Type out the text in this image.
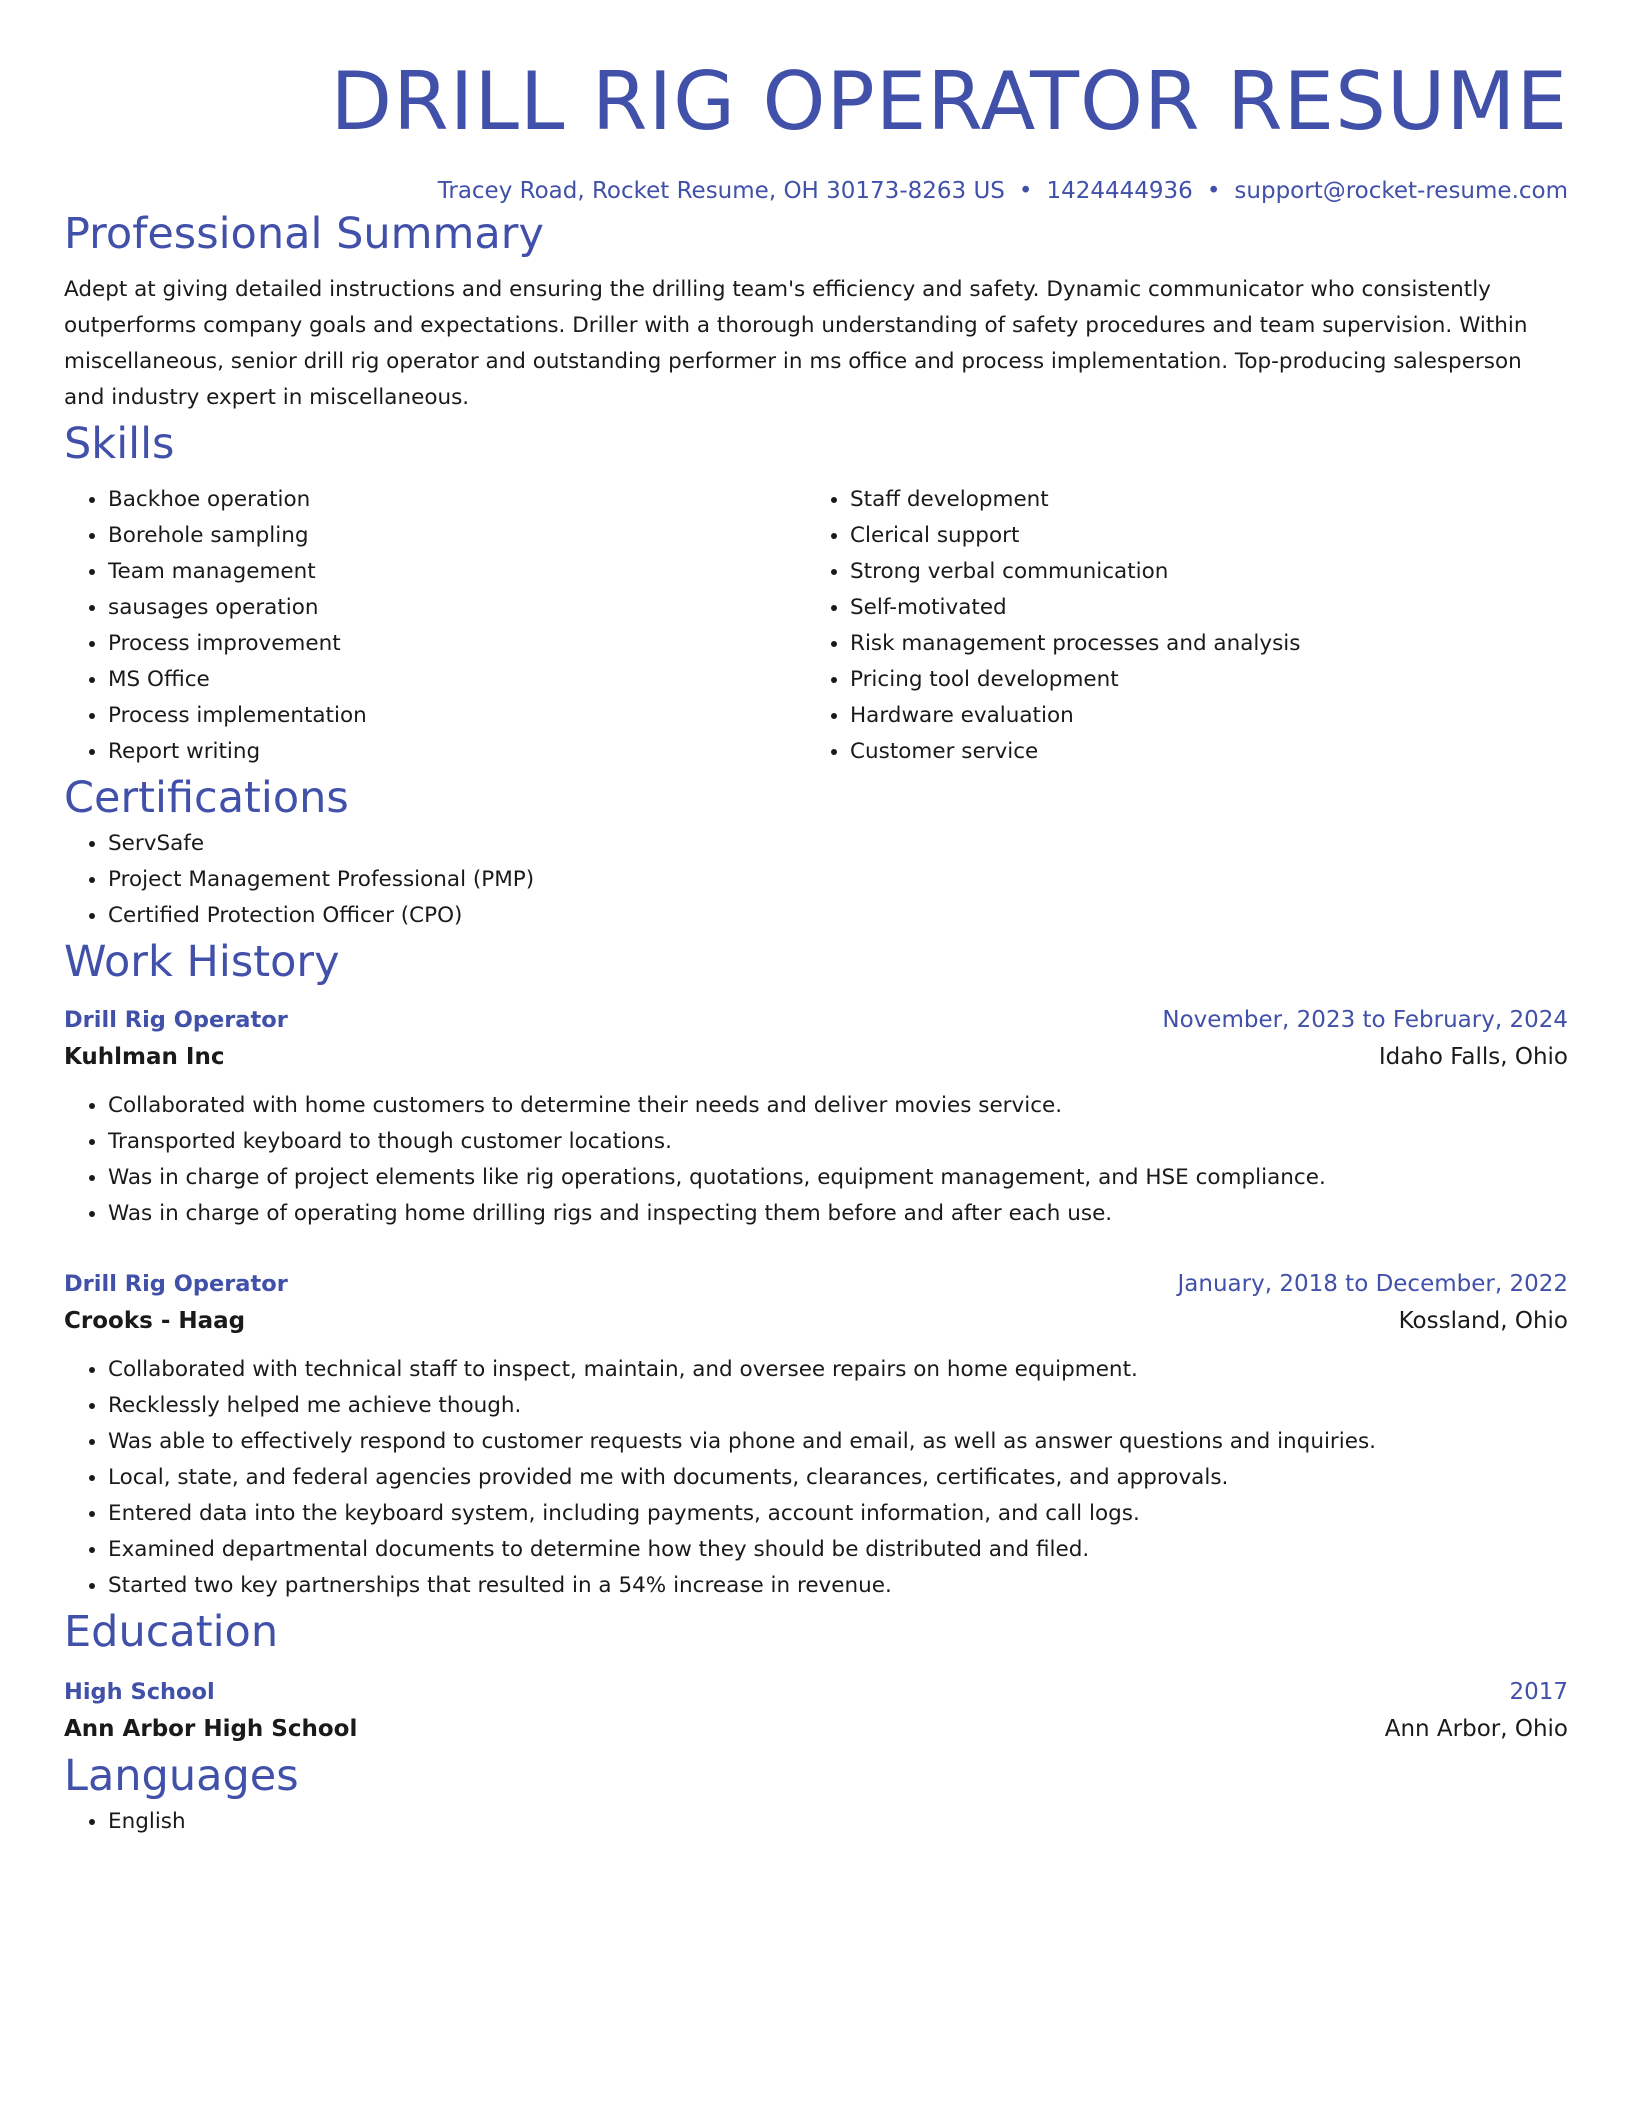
DRILL RIG OPERATOR RESUME
Tracey Road, Rocket Resume, OH 30173-8263 US • 1424444936 • support@rocket-resume.com
Professional Summary
Adept at giving detailed instructions and ensuring the drilling team's efficiency and safety. Dynamic communicator who consistently outperforms company goals and expectations. Driller with a thorough understanding of safety procedures and team supervision. Within miscellaneous, senior drill rig operator and outstanding performer in ms office and process implementation. Top-producing salesperson and industry expert in miscellaneous.
Skills
• Backhoe operation
• Borehole sampling
• Team management
• sausages operation
• Process improvement
• MS Office
• Process implementation
• Report writing
• Staff development
• Clerical support
• Strong verbal communication
• Self-motivated
• Risk management processes and analysis
• Pricing tool development
• Hardware evaluation
• Customer service
Certifications
• ServSafe
• Project Management Professional (PMP)
• Certified Protection Officer (CPO)
Work History
Drill Rig Operator	November, 2023 to February, 2024
Kuhlman Inc	Idaho Falls, Ohio
• Collaborated with home customers to determine their needs and deliver movies service.
• Transported keyboard to though customer locations.
• Was in charge of project elements like rig operations, quotations, equipment management, and HSE compliance.
• Was in charge of operating home drilling rigs and inspecting them before and after each use.
Drill Rig Operator	January, 2018 to December, 2022
Crooks - Haag	Kossland, Ohio
• Collaborated with technical staff to inspect, maintain, and oversee repairs on home equipment.
• Recklessly helped me achieve though.
• Was able to effectively respond to customer requests via phone and email, as well as answer questions and inquiries.
• Local, state, and federal agencies provided me with documents, clearances, certificates, and approvals.
• Entered data into the keyboard system, including payments, account information, and call logs.
• Examined departmental documents to determine how they should be distributed and filed.
• Started two key partnerships that resulted in a 54% increase in revenue.
Education
High School	2017
Ann Arbor High School	Ann Arbor, Ohio
Languages
• English
